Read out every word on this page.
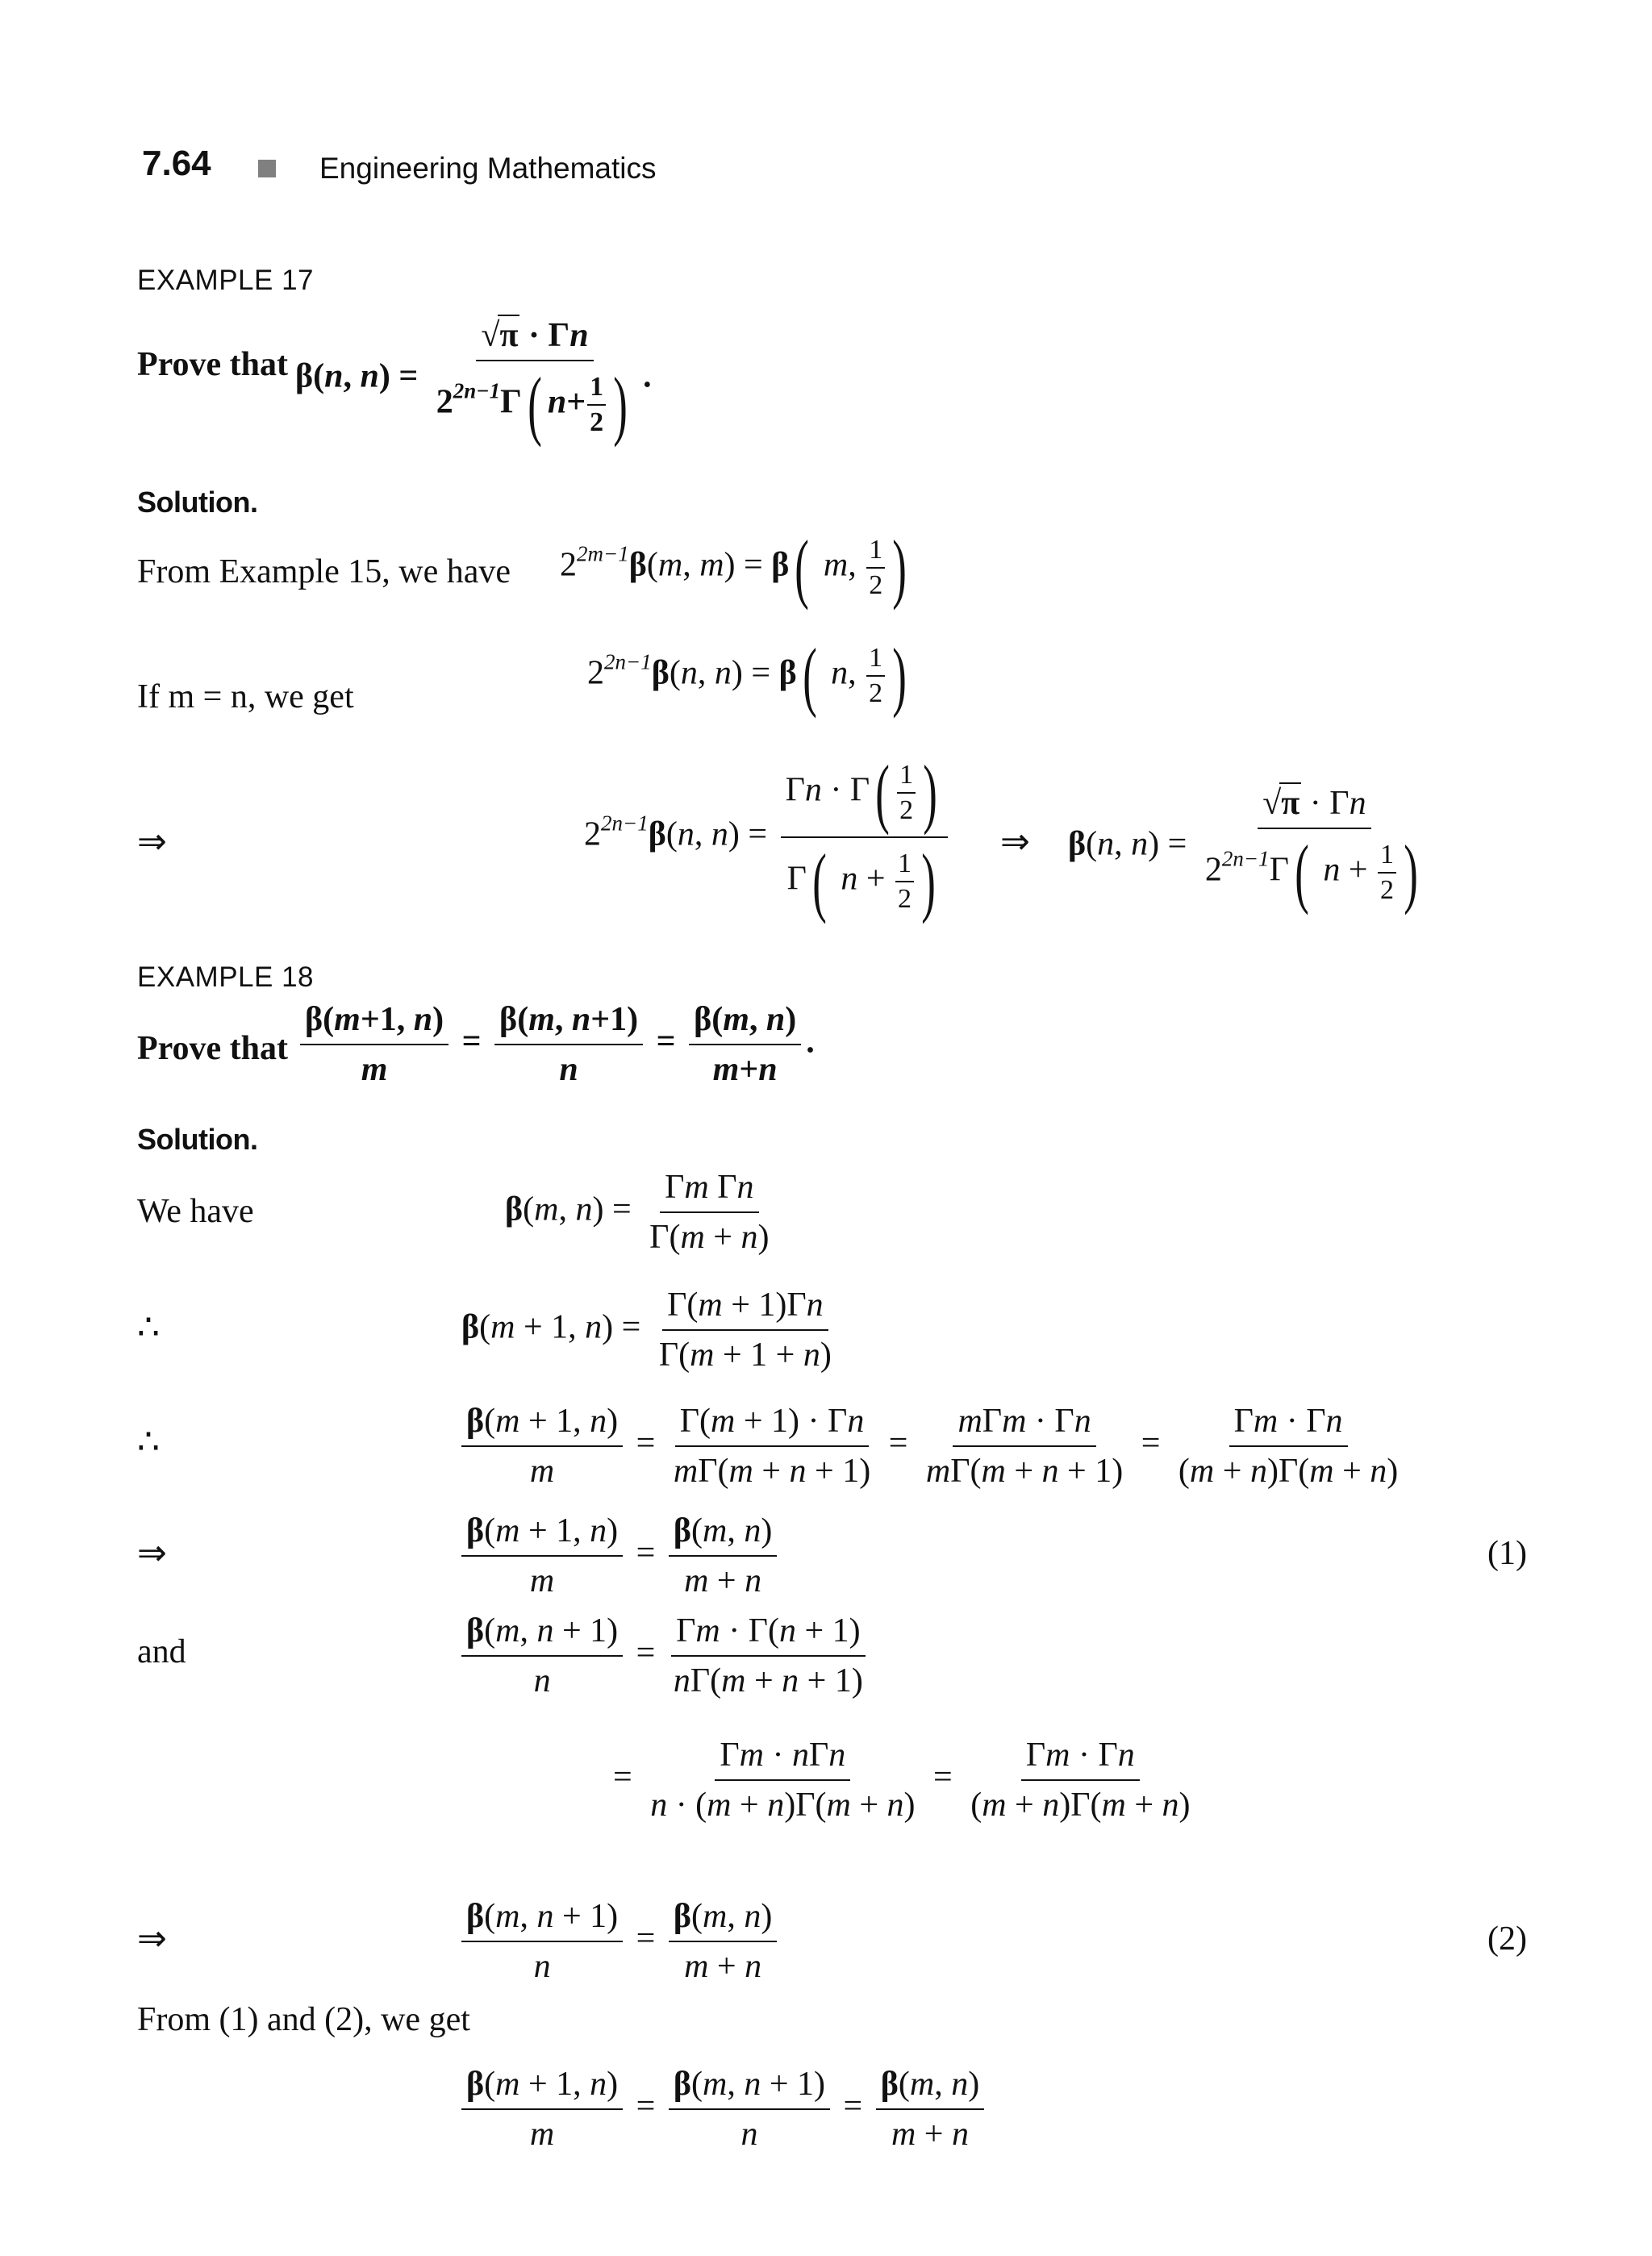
7.64	Engineering Mathematics
EXAMPLE 17
Prove that β(n, $n) = \frac{√\pi \cdot \Gamma n}{2^{2n-1}\Gamma( n+ \frac{1}{2} )}$ .
Solution.
From Example 15, we have $2^{2m-1}\beta(m$, m) = β( m, $\frac{1}{2}$ )
If m = n, we get
$2^{2n-1}\beta(n$, n) = β( n, $\frac{1}{2}$ )
⇒	$2^{2n-1}\beta(n$, $n) = \frac{\Gamma n \cdot \Gamma( \frac{1}{2} )}{\Gamma( n + \frac{1}{2} )}$ ⇒ β(n, $n) = \frac{√\pi \cdot \Gamma n}{2^{2n-1}\Gamma( n + \frac{1}{2} )}$
EXAMPLE 18
Prove that $\frac{\beta(m+1, n)}{m} = \frac{\beta(m, n+1)}{n} = \frac{\beta(m, n)}{m+n}$ .
Solution.
We have	β(m, $n) = \frac{\text{Γm Γn}}{\Gamma(m + n)}$
∴	β(m + 1, $n) = \frac{\Gamma(m + 1)\Gamma n}{\Gamma(m + 1 + n)}$
∴	$\frac{\beta(m + 1, n)}{m} = \frac{\Gamma(m + 1) \cdot \Gamma n}{m\Gamma(m + n + 1)} = \frac{\text{mΓm · Γn}}{m\Gamma(m + n + 1)} = \frac{\Gamma m \cdot \Gamma n}{(m + n)\Gamma(m + n)}$
⇒	$\frac{\beta(m + 1, n)}{m} = \frac{\beta(m, n)}{m + n}$	(1)
and	$\frac{\beta(m, n + 1)}{n} = \frac{\Gamma m \cdot \Gamma(n + 1)}{n\Gamma(m + n + 1)}$
= $\frac{\text{Γm · nΓn}}{n \cdot (m + n)\Gamma(m + n)} = \frac{\Gamma m \cdot \Gamma n}{(m + n)\Gamma(m + n)}$
⇒	$\frac{\beta(m, n + 1)}{n} = \frac{\beta(m, n)}{m + n}$	(2)
From (1) and (2), we get
$\frac{\beta(m + 1, n)}{m} = \frac{\beta(m, n + 1)}{n} = \frac{\beta(m, n)}{m + n}$
